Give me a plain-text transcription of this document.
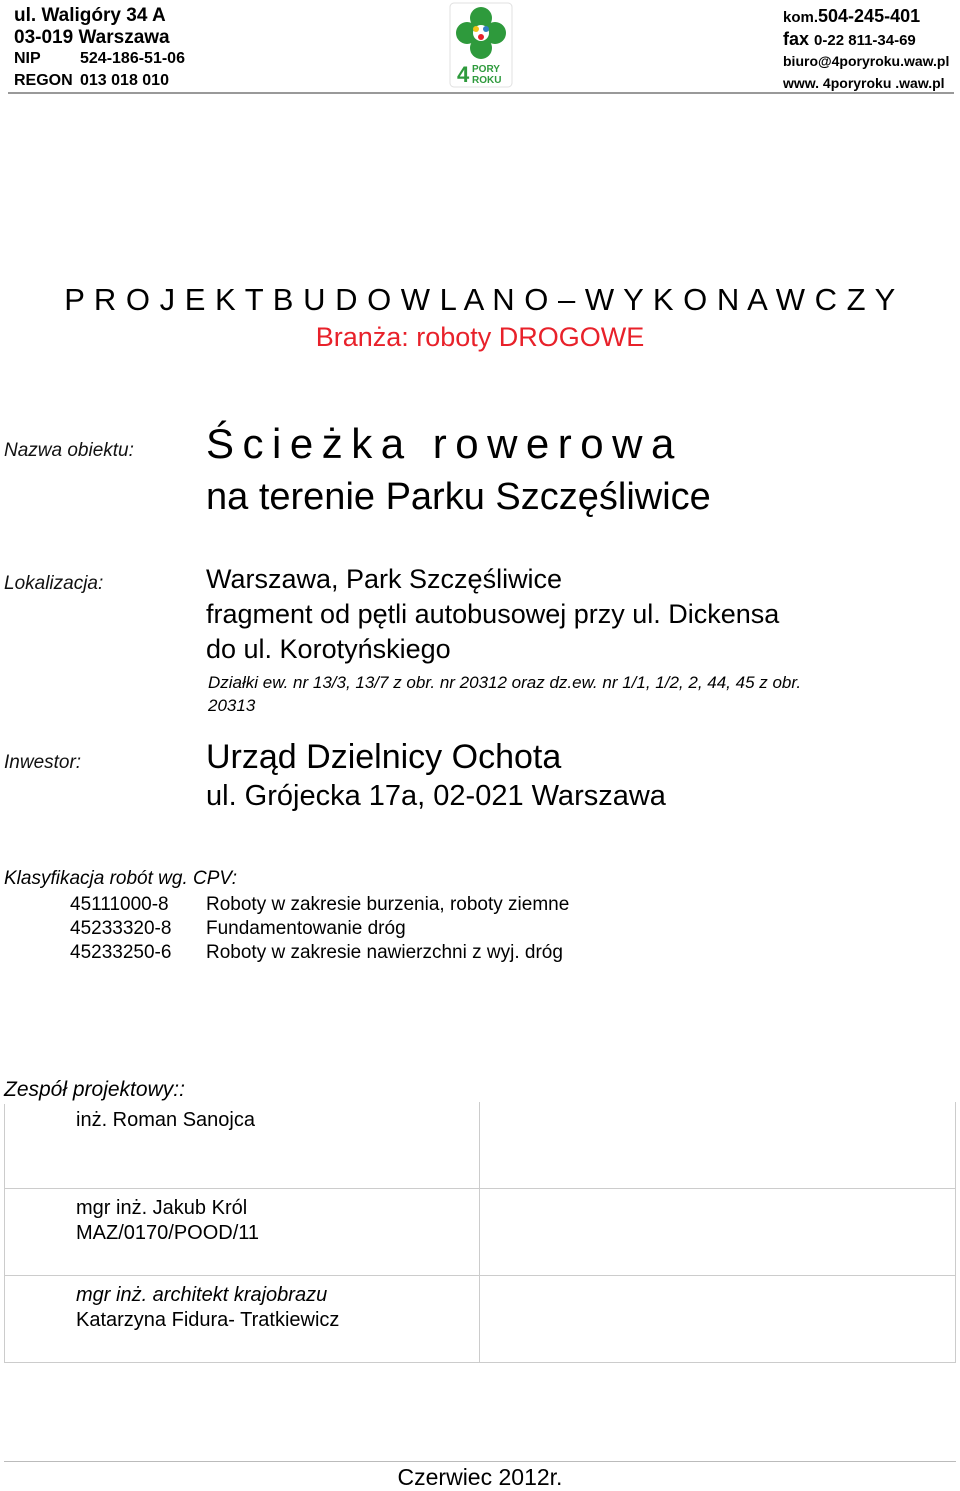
ul. Waligóry 34 A
03-019 Warszawa
NIP 524-186-51-06
REGON 013 018 010	4 PORY
ROKU
kom.504-245-401
fax 0-22 811-34-69
biuro@4poryroku.waw.pl
www. 4poryroku .waw.pl
P R O J E K T B U D O W L A N O – W Y K O N A W C Z Y
Branża: roboty DROGOWE
Nazwa obiektu: Ścieżka rowerowa
na terenie Parku Szczęśliwice
Lokalizacja:	Warszawa, Park Szczęśliwice
fragment od pętli autobusowej przy ul. Dickensa
do ul. Korotyńskiego
Działki ew. nr 13/3, 13/7 z obr. nr 20312 oraz dz.ew. nr 1/1, 1/2, 2, 44, 45 z obr.
20313
Inwestor:	Urząd Dzielnicy Ochota
ul. Grójecka 17a, 02-021 Warszawa
Klasyfikacja robót wg. CPV:
45111000-8 Roboty w zakresie burzenia, roboty ziemne
45233320-8 Fundamentowanie dróg
45233250-6 Roboty w zakresie nawierzchni z wyj. dróg
Zespół projektowy::
inż. Roman Sanojca
mgr inż. Jakub Król
MAZ/0170/POOD/11
mgr inż. architekt krajobrazu
Katarzyna Fidura- Tratkiewicz
Czerwiec 2012r.
